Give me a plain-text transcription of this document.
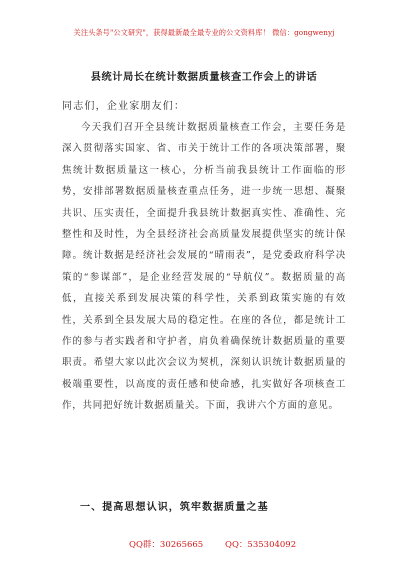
关注头条号"公文研究"，获得最新最全最专业的公文资料库！ 微信：gongwenyj
县统计局长在统计数据质量核查工作会上的讲话
同志们，企业家朋友们：

今天我们召开全县统计数据质量核查工作会，主要任务是深入贯彻落实国家、省、市关于统计工作的各项决策部署，聚焦统计数据质量这一核心，分析当前我县统计工作面临的形势，安排部署数据质量核查重点任务，进一步统一思想、凝聚共识、压实责任，全面提升我县统计数据真实性、准确性、完整性和及时性，为全县经济社会高质量发展提供坚实的统计保障。统计数据是经济社会发展的“晴雨表”，是党委政府科学决策的“参谋部”，是企业经营发展的“导航仪”。数据质量的高低，直接关系到发展决策的科学性，关系到政策实施的有效性，关系到全县发展大局的稳定性。在座的各位，都是统计工作的参与者实践者和守护者，肩负着确保统计数据质量的重要职责。希望大家以此次会议为契机，深刻认识统计数据质量的极端重要性，以高度的责任感和使命感，扎实做好各项核查工作，共同把好统计数据质量关。下面，我讲六个方面的意见。

一、提高思想认识，筑牢数据质量之基
QQ群：30265665	QQ：535304092
